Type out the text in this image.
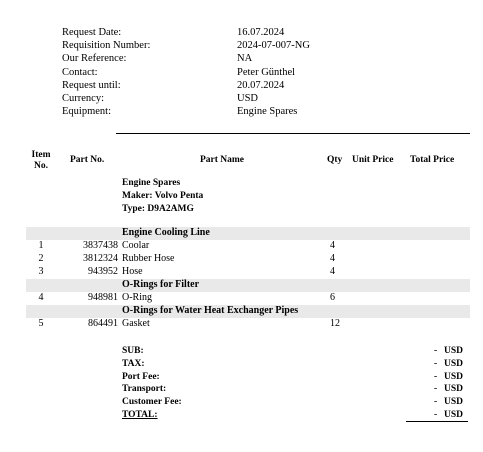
Request Date:	16.07.2024
Requisition Number:	2024-07-007-NG
Our Reference:	NA
Contact:	Peter Günthel
Request until:	20.07.2024
Currency:	USD
Equipment:	Engine Spares
Item
No.
Part No.	Part Name	Qty Unit Price Total Price
Engine Spares
Maker: Volvo Penta
Type: D9A2AMG
Engine Cooling Line
1	3837438 Coolar	4
2	3812324 Rubber Hose	4
3	943952 Hose	4
O-Rings for Filter
4	948981 O-Ring	6
O-Rings for Water Heat Exchanger Pipes
5	864491 Gasket	12
SUB:	- USD
TAX:	- USD
Port Fee:	- USD
Transport:	- USD
Customer Fee:	- USD
TOTAL:	- USD
